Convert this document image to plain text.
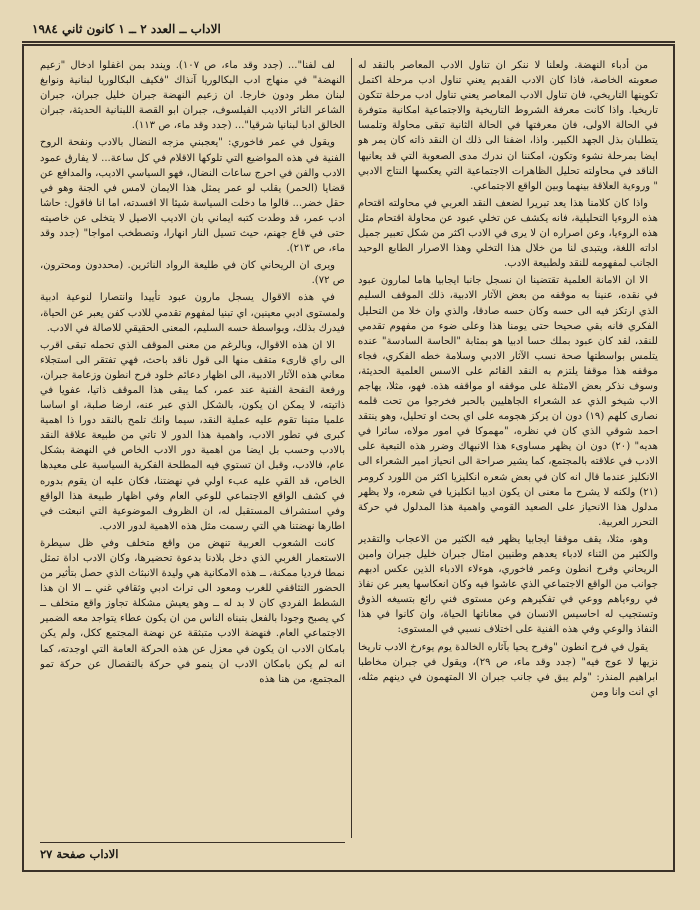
الاداب ــ العدد ٢ ــ ١ كانون ثاني ١٩٨٤

من أدباء النهضة. ولعلنا لا ننكر ان تناول الادب المعاصر بالنقد له صعوبته الخاصة، فاذا كان الادب القديم يعني تناول ادب مرحلة اكتمل تكوينها التاريخي، فان تناول الادب المعاصر يعني تناول ادب مرحلة تتكون تاريخيا. واذا كانت معرفة الشروط التاريخية والاجتماعية امكانية متوفرة في الحالة الاولى، فان معرفتها في الحالة الثانية تبقى محاولة وتلمسا يتطلبان بذل الجهد الكبير. واذا، اضفنا الى ذلك ان النقد ذاته كان يمر هو ايضا بمرحلة نشوء وتكون، امكننا ان ندرك مدى الصعوبة التي قد يعانيها الناقد في محاولته تحليل الظاهرات الاجتماعية التي يعكسها النتاج الادبي " وروءية العلاقة بينهما وبين الواقع الاجتماعي.

واذا كان كلامنا هذا يعد تبريرا لضعف النقد العربي في محاولته اقتحام هذه الروءيا التحليلية، فانه يكشف عن تخلي عبود عن محاولة اقتحام مثل هذه الروءيا، وعن اصراره ان لا يرى في الادب اكثر من شكل تعبير جميل اداته اللغة، ويتبدى لنا من خلال هذا التخلي وهذا الاصرار الطابع الوحيد الجانب لمفهومه للنقد ولطبيعة الادب.

الا ان الامانة العلمية تقتضينا ان نسجل جانبا ايجابيا هاما لمارون عبود في نقده، عنينا به موقفه من بعض الآثار الادبية، ذلك الموقف السليم الذي ارتكز فيه الى حسه وكان حسه صادقا، والذي وان خلا من التحليل الفكري فانه بقي صحيحا حتى يومنا هذا وعلى ضوء من مفهوم تقدمي للنقد، لقد كان عبود بملك حسا ادبيا هو بمثابة "الحاسة السادسة" عنده يتلمس بواسطتها صحة نسب الآثار الادبي وسلامة خطه الفكري، فجاء موقفه هذا موقفا يلتزم به النقد القائم على الاسس العلمية الحديثة، وسوف نذكر بعض الامثلة على موقفه او مواقفه هذه. فهو، مثلا، يهاجم الاب شيخو الذي عد الشعراء الجاهليين بالحبر فخرجوا من تحت قلمه نصارى كلهم (١٩) دون ان يركز هجومه على اي بحث او تحليل، وهو ينتقد احمد شوقي الذي كان في نظره، "مهموكا في امور مولاه، سائرا في هديه" (٢٠) دون ان يظهر مساوىء هذا الانبهاك وضرر هذه التبعية على الادب في علاقته بالمجتمع، كما يشير صراحة الى انحياز امير الشعراء الى الانكليز عندما قال انه كان في بعض شعره انكليزيا اكثر من اللورد كرومر (٢١) ولكنه لا يشرح ما معنى ان يكون اديبا انكليزيا في شعره، ولا يظهر مدلول هذا الانحياز على الصعيد القومي واهمية هذا المدلول في حركة التحرر العربية.

وهو، مثلا، يقف موقفا ايجابيا يظهر فيه الكثير من الاعجاب والتقدير والكثير من الثناء لادباء يعدهم وطنيين امثال جبران خليل جبران وامين الريحاني وفرح انطون وعمر فاخوري، هوءلاء الادباء الذين عكس ادبهم جوانب من الواقع الاجتماعي الذي عاشوا فيه وكان انعكاسها يعبر عن نفاذ في روءياهم ووعي في تفكيرهم وعن مستوى فني رائع بتسيغه الذوق وتستجيب له احاسيس الانسان في معاناتها الحياة، وان كانوا في هذا النفاذ والوعي وفي هذه الفنية على اختلاف نسبي في المستوى:

يقول في فرح انطون "وفرح يحيا بآثاره الخالدة يوم يوءرخ الادب تاريخا نزيها لا عوج فيه" (جدد وقد ماء، ص ٢٩)، ويقول في جبران مخاطبا ابراهيم المنذر: "ولم يبق في جانب جبران الا المتهمون في دينهم مثله، اي انت وانا ومن

لف لفنا"... (جدد وقد ماء، ص ١٠٧). ويندد بمن اغفلوا ادخال "زعيم النهضة" في منهاج ادب البكالوريا آنذاك "فكيف البكالوريا لبنانية ونوابغ لبنان مطر ودون خارجا. ان زعيم النهضة جبران خليل جبران، جبران الشاعر الناثر الاديب الفيلسوف، جبران ابو القصة اللبنانية الحديثة، جبران الخالق ادبا لبنانيا شرقيا"... (جدد وقد ماء، ص ١١٣).

ويقول في عمر فاخوري: "يعجبني مزجه النضال بالادب ونفحة الروح الفنية في هذه المواضيع التي تلوكها الاقلام في كل ساعة... لا يفارق عمود الادب والفن في احرج ساعات النضال، فهو السياسي الاديب، والمدافع عن قضايا (الحمر) يقلب لو عمر يمثل هذا الايمان لامس في الجنة وهو في حقل خضر... قالوا ما دخلت السياسة شيئا الا افسدته، اما انا فاقول: حاشا ادب عمر، قد وطدت كتبه ايماني بان الاديب الاصيل لا يتخلى عن خاصيته حتى في قاع جهنم، حيث تسيل النار انهارا، وتصطخب امواجا" (جدد وقد ماء، ص ٢١٣).

ويرى ان الريحاني كان في طليعة الرواد الناثرين. (محددون ومحترون، ص ٧٢).

في هذه الاقوال يسجل مارون عبود تأييدا وانتصارا لنوعية ادبية ولمستوى ادبي معينين، اي تبنيا لمفهوم تقدمي للادب كفن يعبر عن الحياة، فيدرك بذلك، وبواسطة حسه السليم، المعنى الحقيقي للاصالة في الادب.

الا ان هذه الاقوال، وبالرغم من معنى الموقف الذي تحمله تبقى اقرب الى راي قارىء متقف منها الى قول ناقد باحث، فهي تفتقر الى استجلاء معاني هذه الآثار الادبية، الى اظهار دعائم خلود فرح انطون وزعامة جبران، ورفعة النفحة الفنية عند عمر، كما يبقى هذا الموقف ذاتيا، عفويا في ذاتيته، لا يمكن ان يكون، بالشكل الذي عبر عنه، ارضا صلبة، او اساسا علميا متينا تقوم عليه عملية النقد، سيما وانك تلمح بالنقد دورا ذا اهمية كبرى في تطور الادب، واهمية هذا الدور لا تاتي من طبيعة علاقة النقد بالادب وحسب بل ايضا من اهمية دور الادب الخاص في النهضة بشكل عام، فالادب، وقبل ان تستوي فيه المطلحة الفكرية السياسية على معيدها الخاص، قد القي عليه عبء اولي في نهضتنا، فكان عليه ان يقوم بدوره في كشف الواقع الاجتماعي للوعي العام وفي اظهار طبيعة هذا الواقع وفي استشراف المستقبل له، ان الظروف الموضوعية التي انبعثت في اطارها نهضتنا هي التي رسمت مثل هذه الاهمية لدور الادب.

كانت الشعوب العربية تنهض من واقع متخلف وفي ظل سيطرة الاستعمار الغربي الذي دخل بلادنا بدعوة تحضيرها، وكان الادب اداة تمثل نمطا فرديا ممكنة، ــ هذه الامكانية هي وليدة الانبثاث الذي حصل بتأثير من الحضور التثاقفي للغرب ومعود الى تراث ادبي وثقافي غني ــ الا ان هذا الشطط الفردي كان لا بد له ــ وهو يعيش مشكلة تجاوز واقع متخلف ــ كي يصبح وجودا بالفعل بتبناه الناس من ان يكون عطاء يتواجد معه الضمير الاجتماعي العام. فنهضة الادب متبثقة عن نهضة المجتمع ككل، ولم يكن بامكان الادب ان يكون في معزل عن هذه الحركة العامة التي اوجدته، كما انه لم يكن بامكان الادب ان ينمو في حركة بالتفصال عن حركة تمو المجتمع، من هنا هذه

الاداب صفحة ٢٧
